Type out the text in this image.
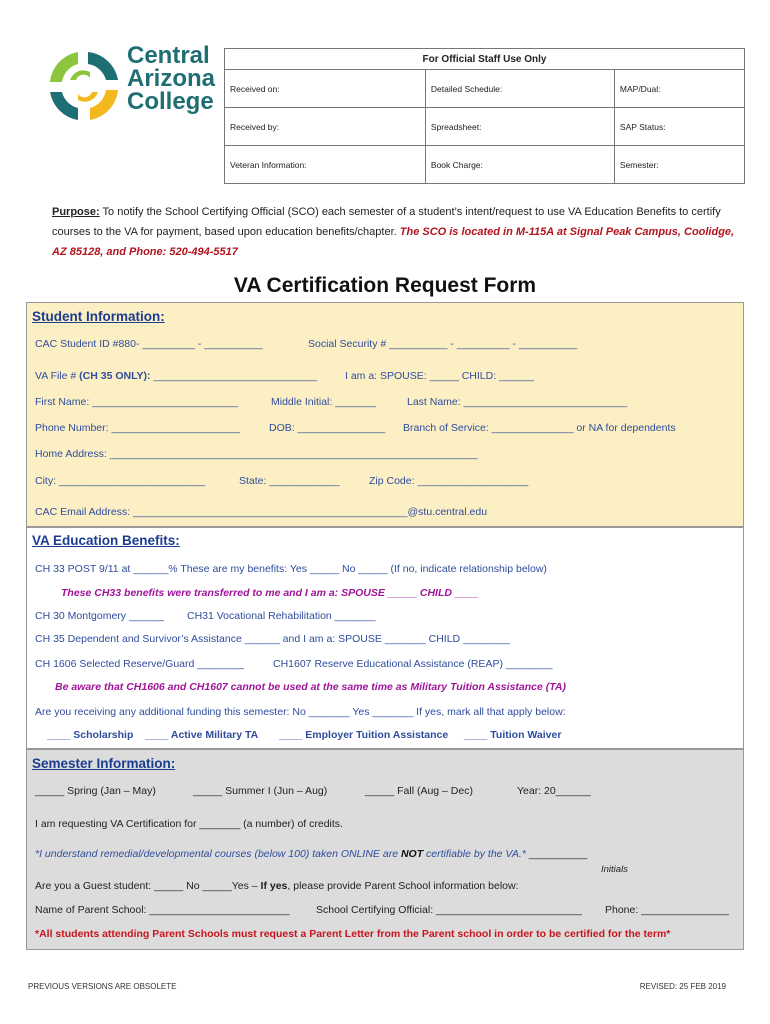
Central
Arizona
College
For Official Staff Use Only		
Received on:	Detailed Schedule:	MAP/Dual:
Received by:	Spreadsheet:	SAP Status:
Veteran Information:	Book Charge:	Semester:
Purpose: To notify the School Certifying Official (SCO) each semester of a student’s intent/request to use VA Education Benefits to certify courses to the VA for payment, based upon education benefits/chapter. The SCO is located in M-115A at Signal Peak Campus, Coolidge, AZ 85128, and Phone: 520-494-5517
VA Certification Request Form
Student Information:
CAC Student ID #880- _________ - __________	Social Security # __________ - _________ - __________
VA File # (CH 35 ONLY): ____________________________	I am a: SPOUSE: _____ CHILD: ______
First Name: _________________________	Middle Initial: _______	Last Name: ____________________________
Phone Number: ______________________	DOB: _______________ Branch of Service: ______________ or NA for dependents
Home Address: _______________________________________________________________
City: _________________________	State: ____________	Zip Code: ___________________
CAC Email Address: _______________________________________________@stu.central.edu
VA Education Benefits:
CH 33 POST 9/11 at ______% These are my benefits: Yes _____ No _____ (If no, indicate relationship below)
These CH33 benefits were transferred to me and I am a: SPOUSE _____ CHILD ____
CH 30 Montgomery ______ CH31 Vocational Rehabilitation _______
CH 35 Dependent and Survivor’s Assistance ______ and I am a: SPOUSE _______ CHILD ________
CH 1606 Selected Reserve/Guard ________	CH1607 Reserve Educational Assistance (REAP) ________
Be aware that CH1606 and CH1607 cannot be used at the same time as Military Tuition Assistance (TA)
Are you receiving any additional funding this semester: No _______ Yes _______ If yes, mark all that apply below:
____ Scholarship ____ Active Military TA ____ Employer Tuition Assistance ____ Tuition Waiver
Semester Information:
_____ Spring (Jan – May)	_____ Summer I (Jun – Aug)	_____ Fall (Aug – Dec)	Year: 20______
I am requesting VA Certification for _______ (a number) of credits.
*I understand remedial/developmental courses (below 100) taken ONLINE are NOT certifiable by the VA.* __________
Initials
Are you a Guest student: _____ No _____Yes – If yes, please provide Parent School information below:
Name of Parent School: ________________________	School Certifying Official: _________________________ Phone: _______________
*All students attending Parent Schools must request a Parent Letter from the Parent school in order to be certified for the term*
PREVIOUS VERSIONS ARE OBSOLETE	REVISED: 25 FEB 2019
